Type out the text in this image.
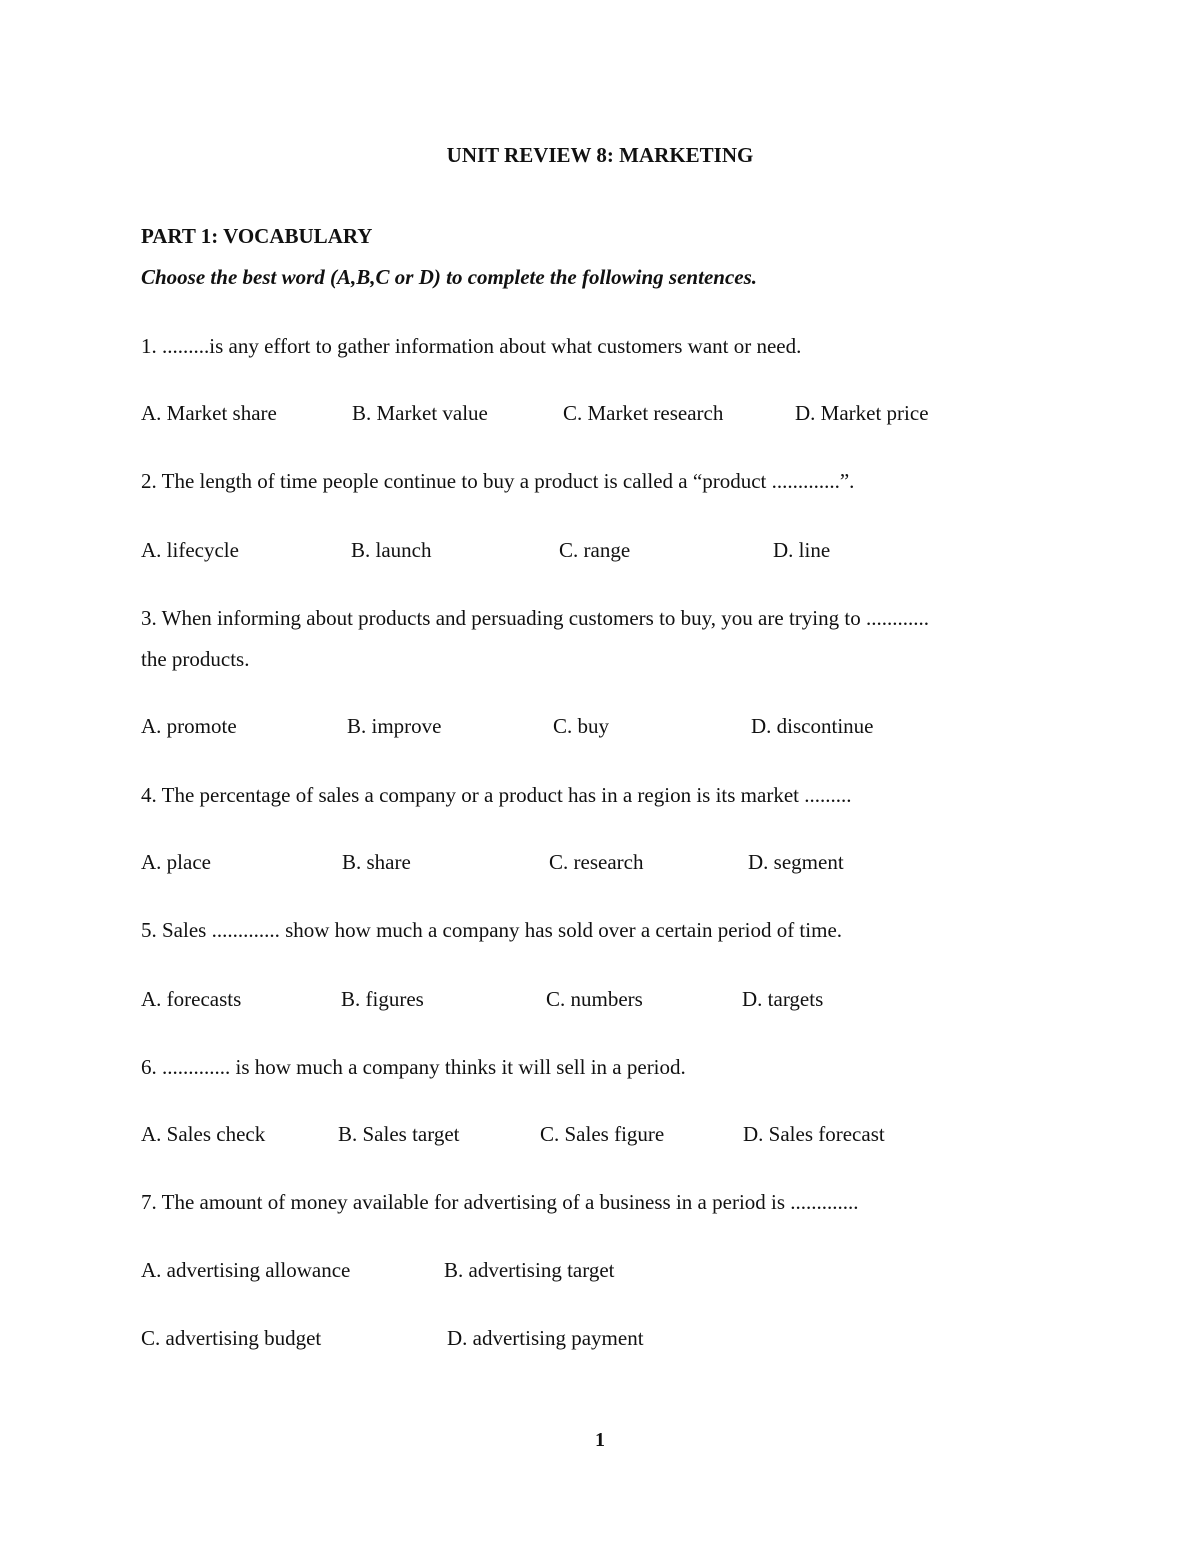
UNIT REVIEW 8: MARKETING
PART 1: VOCABULARY
Choose the best word (A,B,C or D) to complete the following sentences.
1. .........is any effort to gather information about what customers want or need.
A. Market share	B. Market value	C. Market research	D. Market price
2. The length of time people continue to buy a product is called a “product .............”.
A. lifecycle	B. launch	C. range	D. line
3. When informing about products and persuading customers to buy, you are trying to ............
the products.
A. promote	B. improve	C. buy	D. discontinue
4. The percentage of sales a company or a product has in a region is its market .........
A. place	B. share	C. research	D. segment
5. Sales ............. show how much a company has sold over a certain period of time.
A. forecasts	B. figures	C. numbers	D. targets
6. ............. is how much a company thinks it will sell in a period.
A. Sales check	B. Sales target	C. Sales figure	D. Sales forecast
7. The amount of money available for advertising of a business in a period is .............
A. advertising allowance	B. advertising target
C. advertising budget	D. advertising payment
1
